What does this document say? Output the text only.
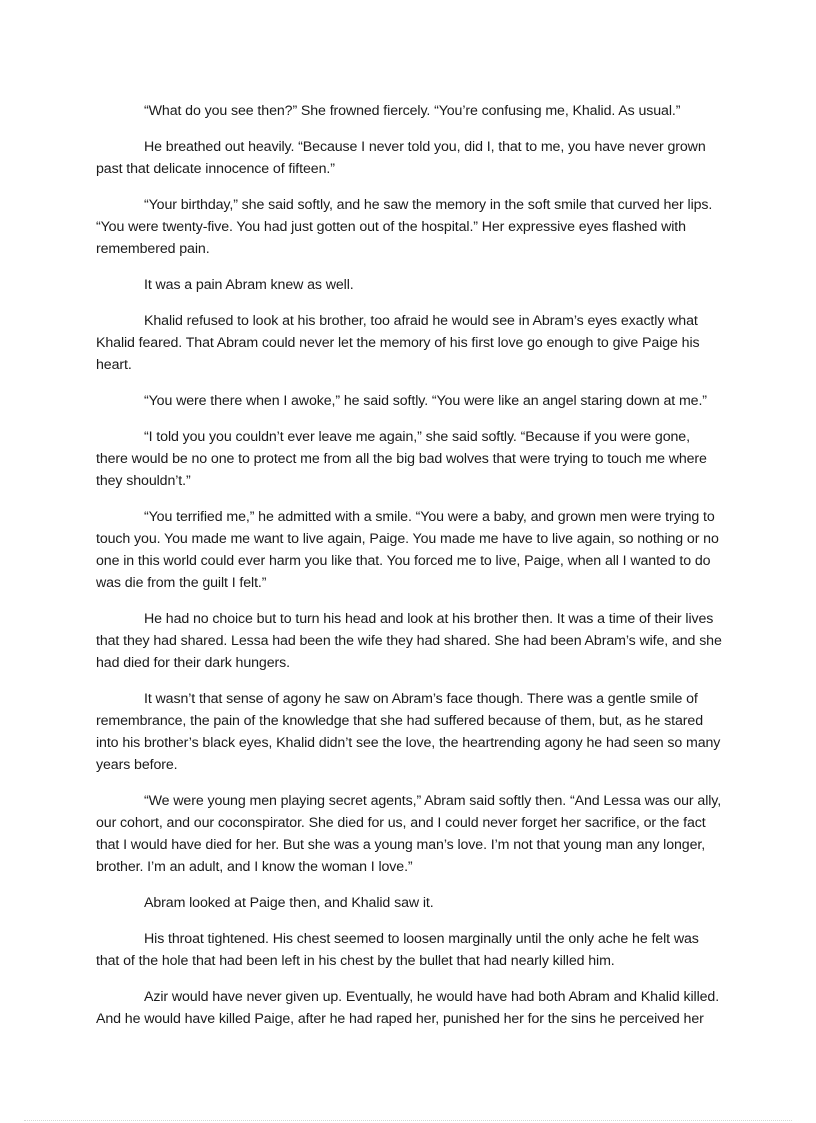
“What do you see then?” She frowned fiercely. “You’re confusing me, Khalid. As usual.”

He breathed out heavily. “Because I never told you, did I, that to me, you have never grown past that delicate innocence of fifteen.”

“Your birthday,” she said softly, and he saw the memory in the soft smile that curved her lips. “You were twenty-five. You had just gotten out of the hospital.” Her expressive eyes flashed with remembered pain.

It was a pain Abram knew as well.

Khalid refused to look at his brother, too afraid he would see in Abram’s eyes exactly what Khalid feared. That Abram could never let the memory of his first love go enough to give Paige his heart.

“You were there when I awoke,” he said softly. “You were like an angel staring down at me.”

“I told you you couldn’t ever leave me again,” she said softly. “Because if you were gone, there would be no one to protect me from all the big bad wolves that were trying to touch me where they shouldn’t.”

“You terrified me,” he admitted with a smile. “You were a baby, and grown men were trying to touch you. You made me want to live again, Paige. You made me have to live again, so nothing or no one in this world could ever harm you like that. You forced me to live, Paige, when all I wanted to do was die from the guilt I felt.”

He had no choice but to turn his head and look at his brother then. It was a time of their lives that they had shared. Lessa had been the wife they had shared. She had been Abram’s wife, and she had died for their dark hungers.

It wasn’t that sense of agony he saw on Abram’s face though. There was a gentle smile of remembrance, the pain of the knowledge that she had suffered because of them, but, as he stared into his brother’s black eyes, Khalid didn’t see the love, the heartrending agony he had seen so many years before.

“We were young men playing secret agents,” Abram said softly then. “And Lessa was our ally, our cohort, and our coconspirator. She died for us, and I could never forget her sacrifice, or the fact that I would have died for her. But she was a young man’s love. I’m not that young man any longer, brother. I’m an adult, and I know the woman I love.”

Abram looked at Paige then, and Khalid saw it.

His throat tightened. His chest seemed to loosen marginally until the only ache he felt was that of the hole that had been left in his chest by the bullet that had nearly killed him.

Azir would have never given up. Eventually, he would have had both Abram and Khalid killed. And he would have killed Paige, after he had raped her, punished her for the sins he perceived her
